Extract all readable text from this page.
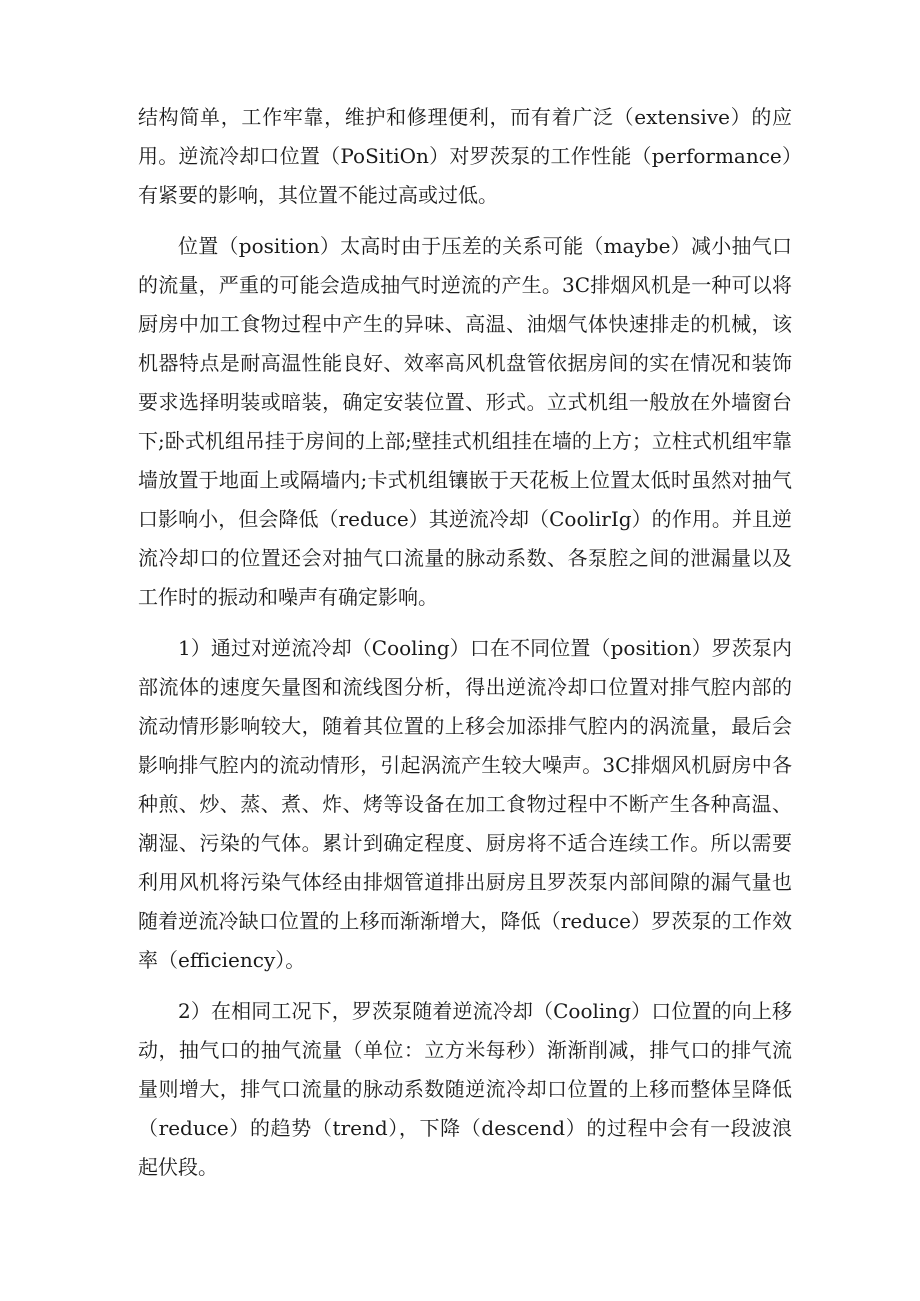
结构简单，工作牢靠，维护和修理便利，而有着广泛（extensive）的应用。逆流冷却口位置（PoSitiOn）对罗茨泵的工作性能（performance）有紧要的影响，其位置不能过高或过低。

位置（position）太高时由于压差的关系可能（maybe）减小抽气口的流量，严重的可能会造成抽气时逆流的产生。3C排烟风机是一种可以将厨房中加工食物过程中产生的异味、高温、油烟气体快速排走的机械，该机器特点是耐高温性能良好、效率高风机盘管依据房间的实在情况和装饰要求选择明装或暗装，确定安装位置、形式。立式机组一般放在外墙窗台下;卧式机组吊挂于房间的上部;壁挂式机组挂在墙的上方；立柱式机组牢靠墙放置于地面上或隔墙内;卡式机组镶嵌于天花板上位置太低时虽然对抽气口影响小，但会降低（reduce）其逆流冷却（CoolirIg）的作用。并且逆流冷却口的位置还会对抽气口流量的脉动系数、各泵腔之间的泄漏量以及工作时的振动和噪声有确定影响。

1）通过对逆流冷却（Cooling）口在不同位置（position）罗茨泵内部流体的速度矢量图和流线图分析，得出逆流冷却口位置对排气腔内部的流动情形影响较大，随着其位置的上移会加添排气腔内的涡流量，最后会影响排气腔内的流动情形，引起涡流产生较大噪声。3C排烟风机厨房中各种煎、炒、蒸、煮、炸、烤等设备在加工食物过程中不断产生各种高温、潮湿、污染的气体。累计到确定程度、厨房将不适合连续工作。所以需要利用风机将污染气体经由排烟管道排出厨房且罗茨泵内部间隙的漏气量也随着逆流冷缺口位置的上移而渐渐增大，降低（reduce）罗茨泵的工作效率（efficiency）。

2）在相同工况下，罗茨泵随着逆流冷却（Cooling）口位置的向上移动，抽气口的抽气流量（单位：立方米每秒）渐渐削减，排气口的排气流量则增大，排气口流量的脉动系数随逆流冷却口位置的上移而整体呈降低（reduce）的趋势（trend），下降（descend）的过程中会有一段波浪起伏段。
